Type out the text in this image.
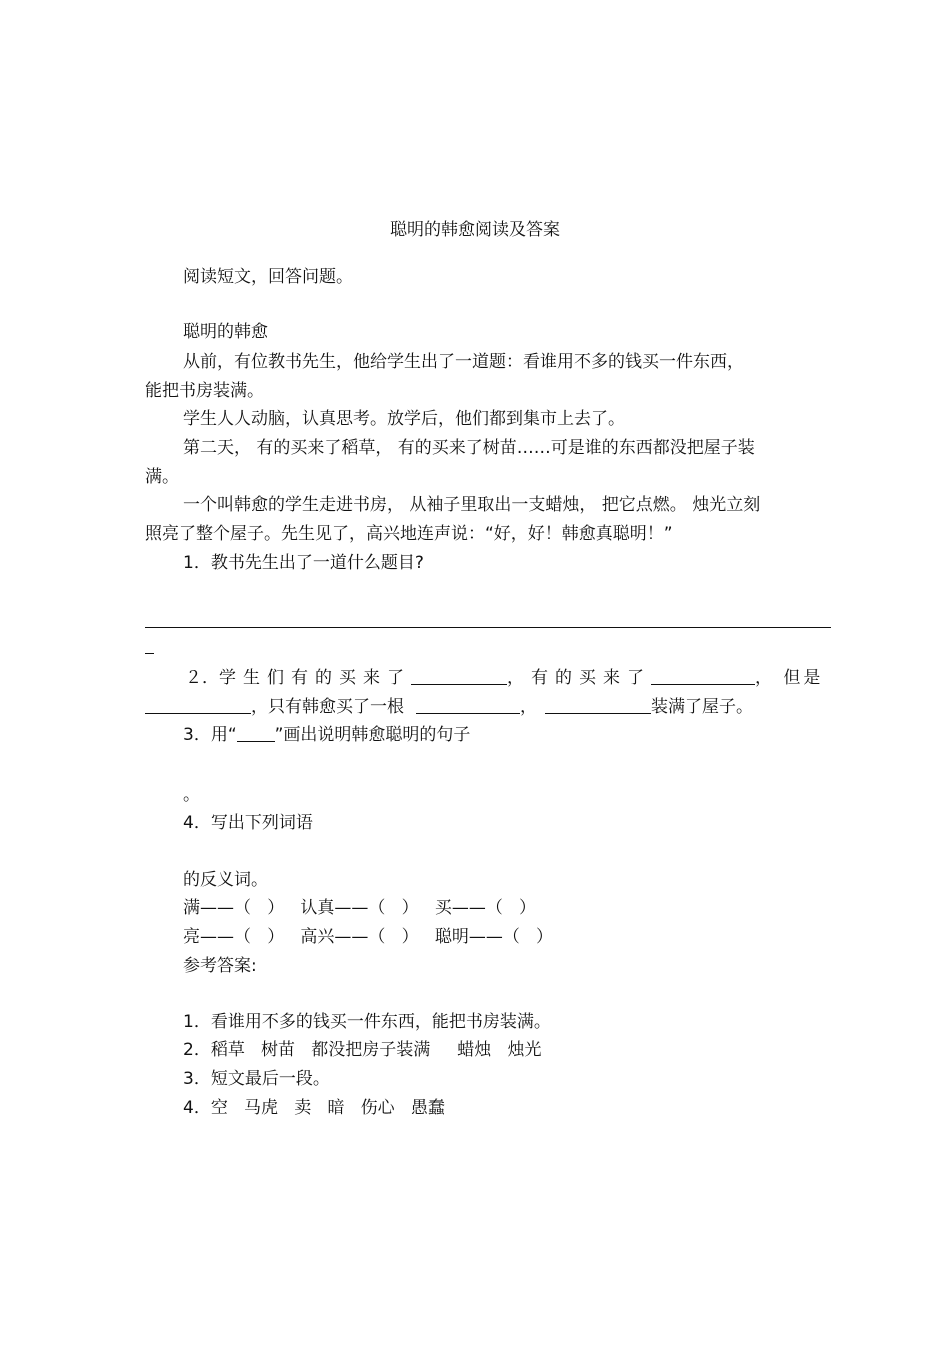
聪明的韩愈阅读及答案
阅读短文，回答问题。
聪明的韩愈
从前，有位教书先生，他给学生出了一道题：看谁用不多的钱买一件东西，
能把书房装满。
学生人人动脑，认真思考。放学后，他们都到集市上去了。
第二天， 有的买来了稻草， 有的买来了树苗……可是谁的东西都没把屋子装
满。
一个叫韩愈的学生走进书房， 从袖子里取出一支蜡烛， 把它点燃。 烛光立刻
照亮了整个屋子。先生见了，高兴地连声说：“好，好！韩愈真聪明！”
1．教书先生出了一道什么题目?
２．学生们有的买来了	，有的买来了	， 但是
，只有韩愈买了一根	，	装满了屋子。
3．用“ ”画出说明韩愈聪明的句子
。
4．写出下列词语
的反义词。
满——（   ）   认真——（   ）   买——（   ）
亮——（   ）   高兴——（   ）   聪明——（   ）
参考答案:
1．看谁用不多的钱买一件东西，能把书房装满。
2．稻草   树苗   都没把房子装满     蜡烛   烛光
3．短文最后一段。
4．空   马虎   卖   暗   伤心   愚蠢
